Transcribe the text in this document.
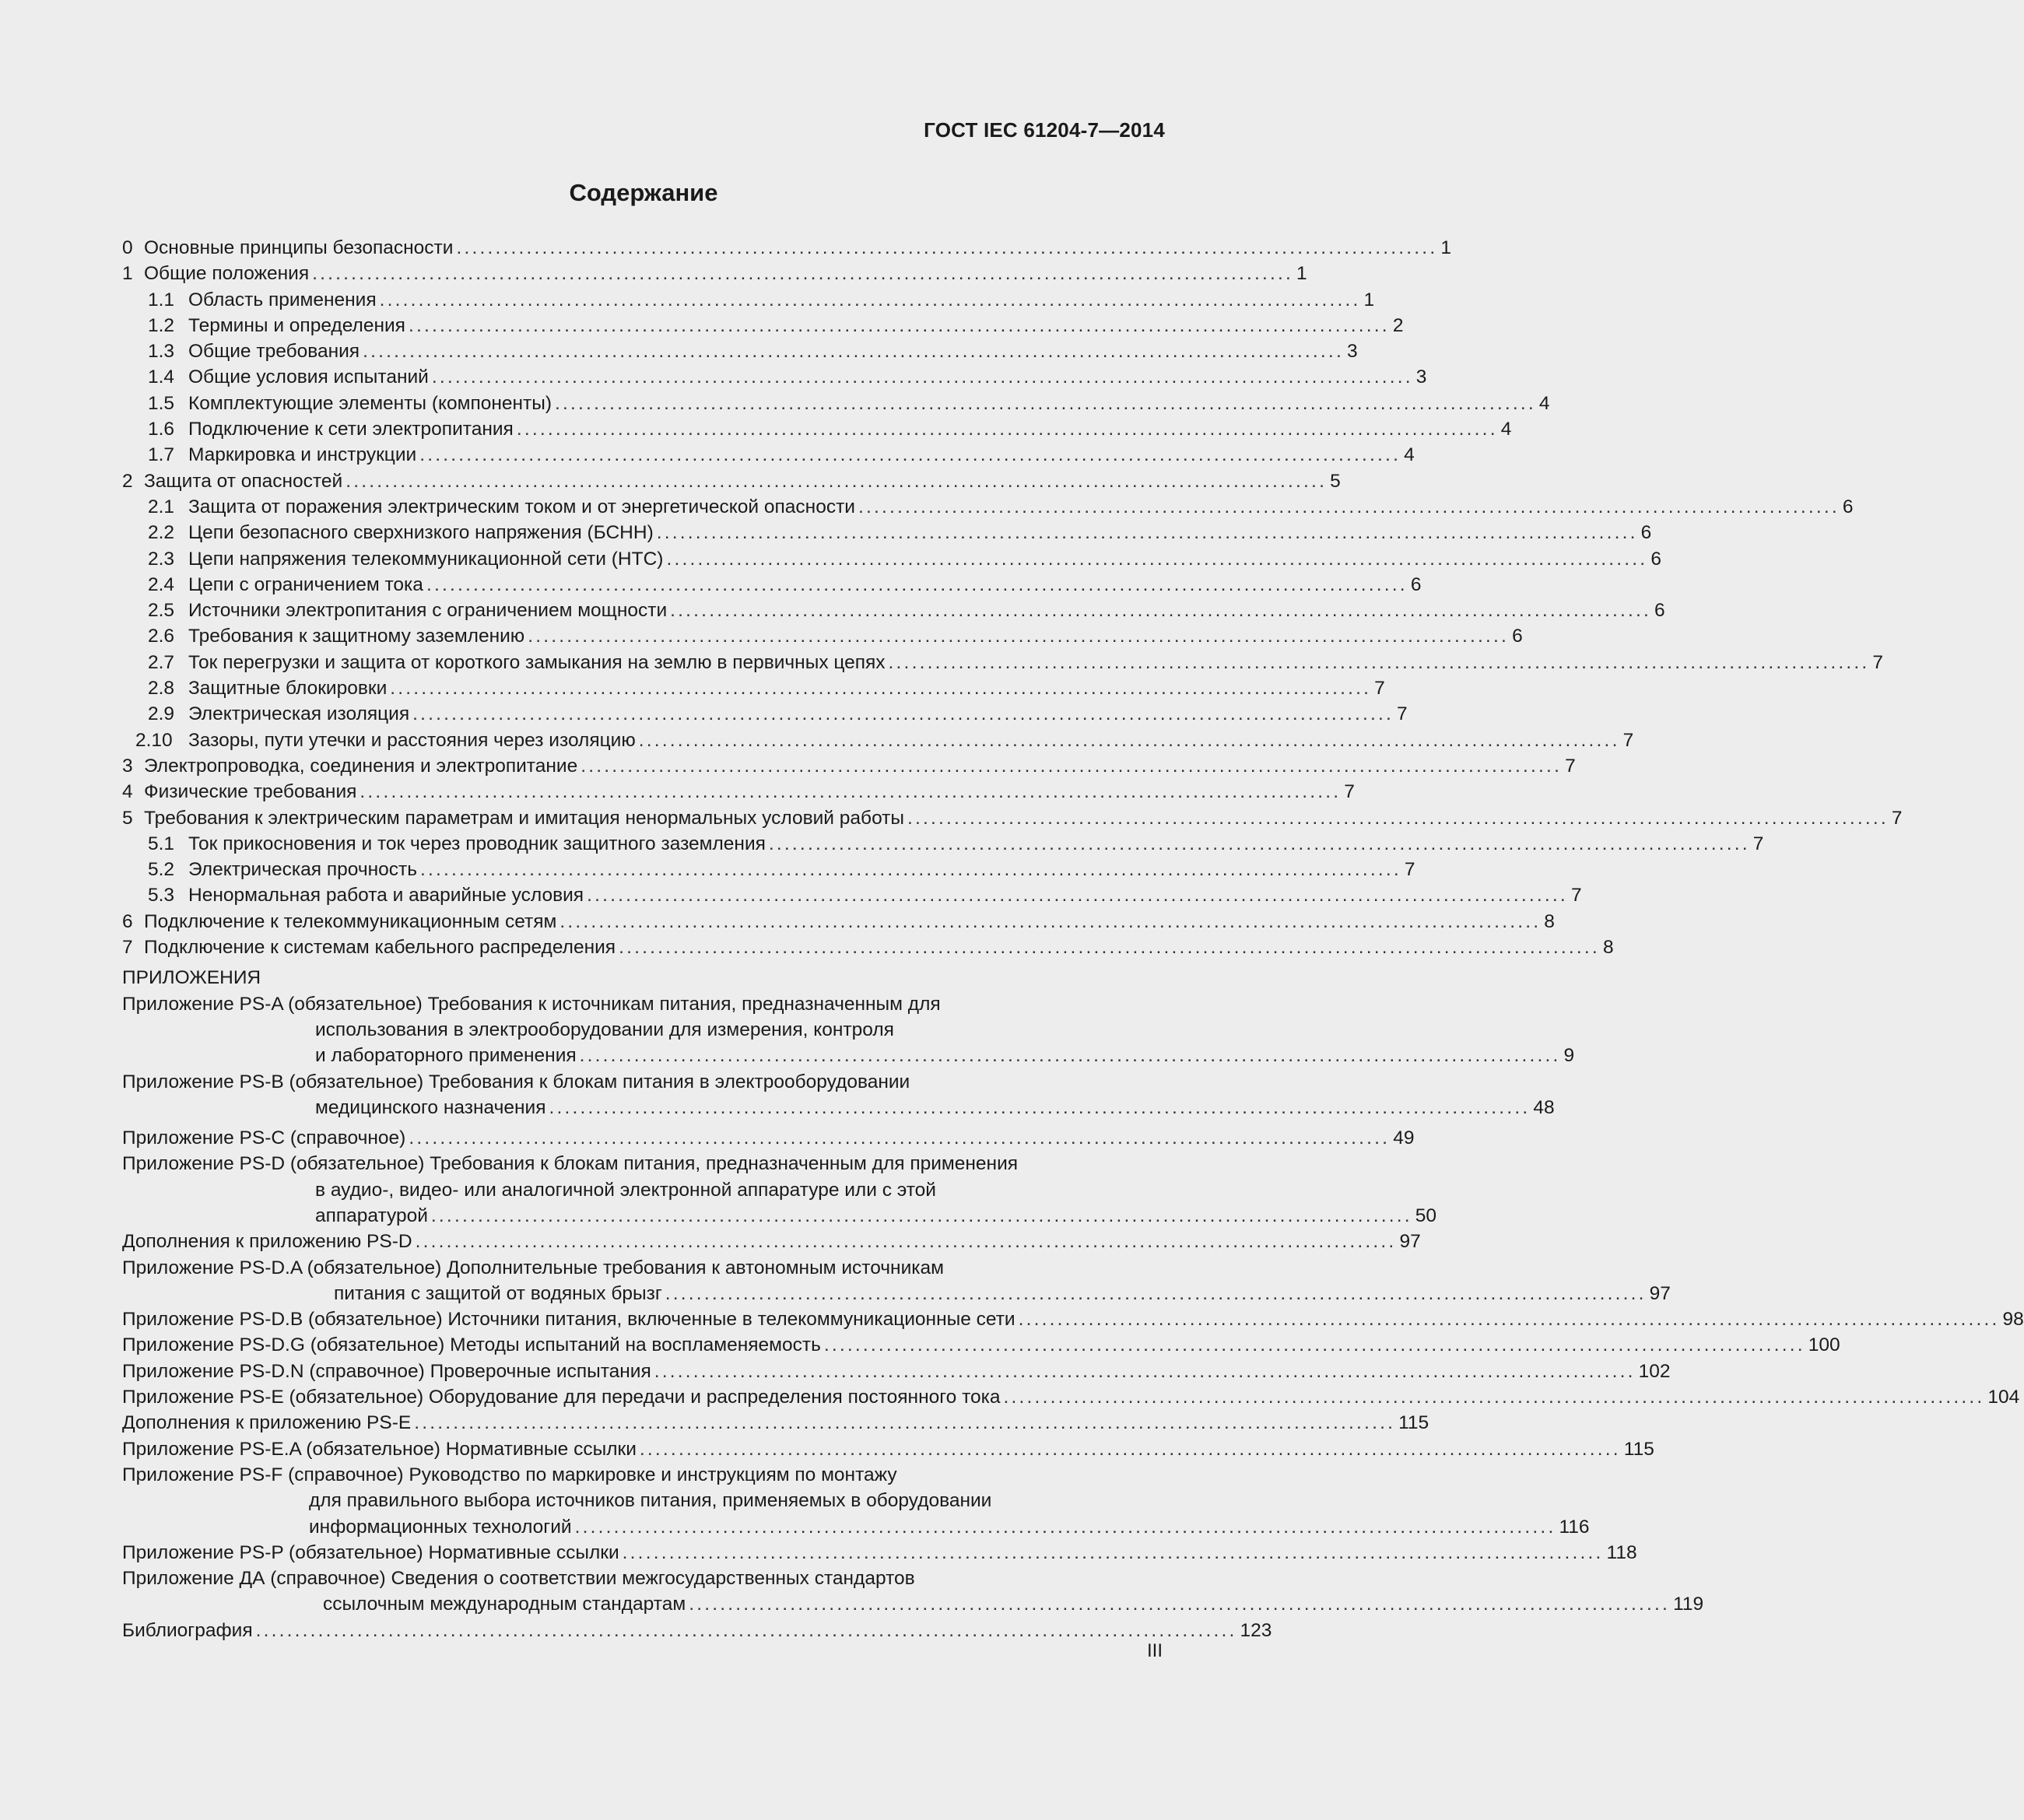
ГОСТ IEC 61204-7—2014
Содержание
0 Основные принципы безопасности .............................................................................................................................. 1
1 Общие положения .............................................................................................................................. 1
1.1 Область применения .............................................................................................................................. 1
1.2 Термины и определения .............................................................................................................................. 2
1.3 Общие требования .............................................................................................................................. 3
1.4 Общие условия испытаний .............................................................................................................................. 3
1.5 Комплектующие элементы (компоненты) .............................................................................................................................. 4
1.6 Подключение к сети электропитания .............................................................................................................................. 4
1.7 Маркировка и инструкции .............................................................................................................................. 4
2 Защита от опасностей .............................................................................................................................. 5
2.1 Защита от поражения электрическим током и от энергетической опасности .............................................................................................................................. 6
2.2 Цепи безопасного сверхнизкого напряжения (БСНН) .............................................................................................................................. 6
2.3 Цепи напряжения телекоммуникационной сети (НТС) .............................................................................................................................. 6
2.4 Цепи с ограничением тока .............................................................................................................................. 6
2.5 Источники электропитания с ограничением мощности .............................................................................................................................. 6
2.6 Требования к защитному заземлению .............................................................................................................................. 6
2.7 Ток перегрузки и защита от короткого замыкания на землю в первичных цепях .............................................................................................................................. 7
2.8 Защитные блокировки .............................................................................................................................. 7
2.9 Электрическая изоляция .............................................................................................................................. 7
2.10 Зазоры, пути утечки и расстояния через изоляцию .............................................................................................................................. 7
3 Электропроводка, соединения и электропитание .............................................................................................................................. 7
4 Физические требования .............................................................................................................................. 7
5 Требования к электрическим параметрам и имитация ненормальных условий работы .............................................................................................................................. 7
5.1 Ток прикосновения и ток через проводник защитного заземления .............................................................................................................................. 7
5.2 Электрическая прочность .............................................................................................................................. 7
5.3 Ненормальная работа и аварийные условия .............................................................................................................................. 7
6 Подключение к телекоммуникационным сетям .............................................................................................................................. 8
7 Подключение к системам кабельного распределения .............................................................................................................................. 8
ПРИЛОЖЕНИЯ
Приложение PS-A (обязательное) Требования к источникам питания, предназначенным для
использования в электрооборудовании для измерения, контроля
и лабораторного применения .............................................................................................................................. 9
Приложение PS-B (обязательное) Требования к блокам питания в электрооборудовании
медицинского назначения .............................................................................................................................. 48
Приложение PS-C (справочное) .............................................................................................................................. 49
Приложение PS-D (обязательное) Требования к блокам питания, предназначенным для применения
в аудио-, видео- или аналогичной электронной аппаратуре или с этой
аппаратурой .............................................................................................................................. 50
Дополнения к приложению PS-D .............................................................................................................................. 97
Приложение PS-D.A (обязательное) Дополнительные требования к автономным источникам
питания с защитой от водяных брызг .............................................................................................................................. 97
Приложение PS-D.B (обязательное) Источники питания, включенные в телекоммуникационные сети .............................................................................................................................. 98
Приложение PS-D.G (обязательное) Методы испытаний на воспламеняемость .............................................................................................................................. 100
Приложение PS-D.N (справочное) Проверочные испытания .............................................................................................................................. 102
Приложение PS-E (обязательное) Оборудование для передачи и распределения постоянного тока .............................................................................................................................. 104
Дополнения к приложению PS-E .............................................................................................................................. 115
Приложение PS-E.A (обязательное) Нормативные ссылки .............................................................................................................................. 115
Приложение PS-F (справочное) Руководство по маркировке и инструкциям по монтажу
для правильного выбора источников питания, применяемых в оборудовании
информационных технологий .............................................................................................................................. 116
Приложение PS-P (обязательное) Нормативные ссылки .............................................................................................................................. 118
Приложение ДА (справочное) Сведения о соответствии межгосударственных стандартов
ссылочным международным стандартам .............................................................................................................................. 119
Библиография .............................................................................................................................. 123
III
